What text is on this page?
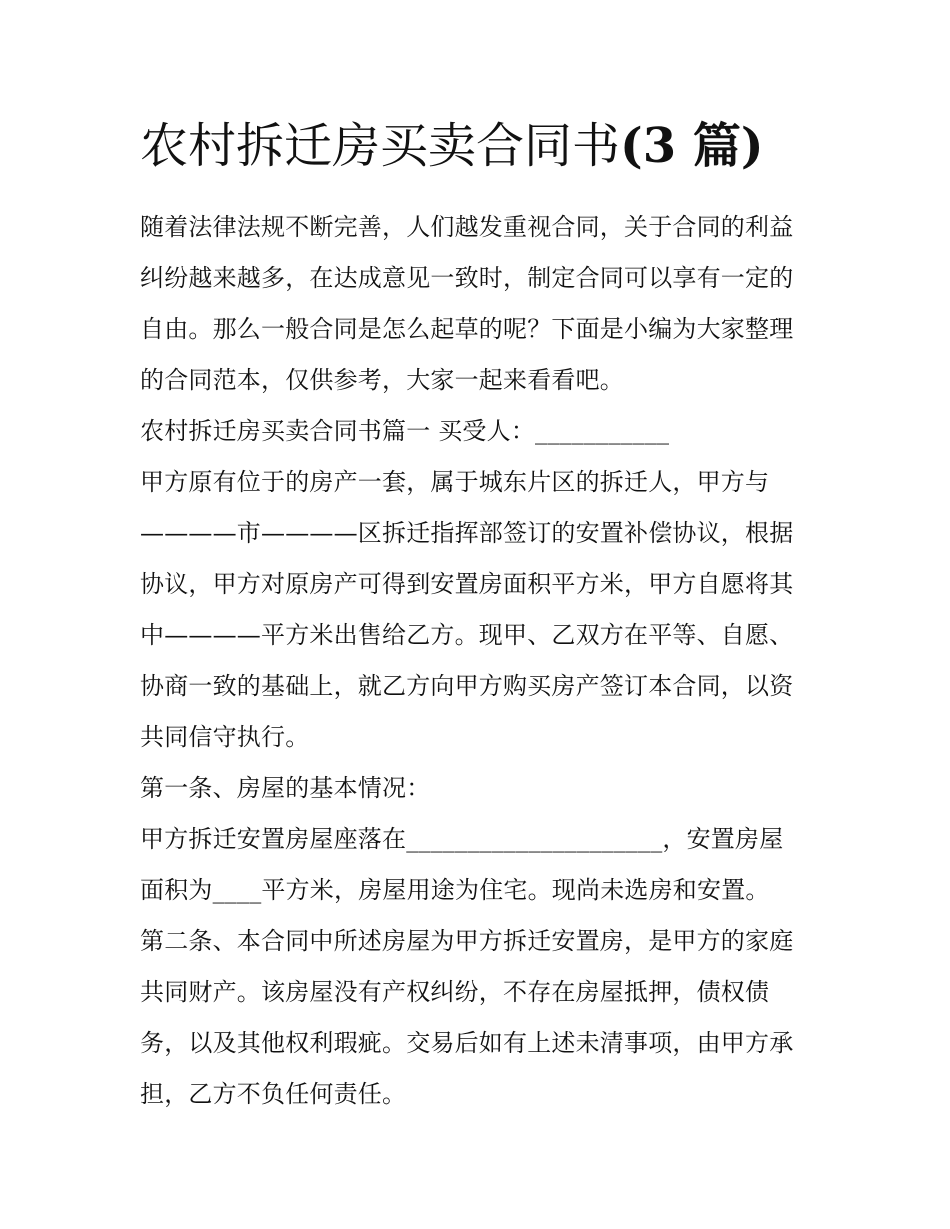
农村拆迁房买卖合同书(3 篇)
随着法律法规不断完善，人们越发重视合同，关于合同的利益
纠纷越来越多，在达成意见一致时，制定合同可以享有一定的
自由。那么一般合同是怎么起草的呢？下面是小编为大家整理
的合同范本，仅供参考，大家一起来看看吧。
农村拆迁房买卖合同书篇一 买受人：___________
甲方原有位于的房产一套，属于城东片区的拆迁人，甲方与
————市————区拆迁指挥部签订的安置补偿协议，根据
协议，甲方对原房产可得到安置房面积平方米，甲方自愿将其
中————平方米出售给乙方。现甲、乙双方在平等、自愿、
协商一致的基础上，就乙方向甲方购买房产签订本合同，以资
共同信守执行。
第一条、房屋的基本情况：
甲方拆迁安置房屋座落在_____________________，安置房屋
面积为____平方米，房屋用途为住宅。现尚未选房和安置。
第二条、本合同中所述房屋为甲方拆迁安置房，是甲方的家庭
共同财产。该房屋没有产权纠纷，不存在房屋抵押，债权债
务，以及其他权利瑕疵。交易后如有上述未清事项，由甲方承
担，乙方不负任何责任。
